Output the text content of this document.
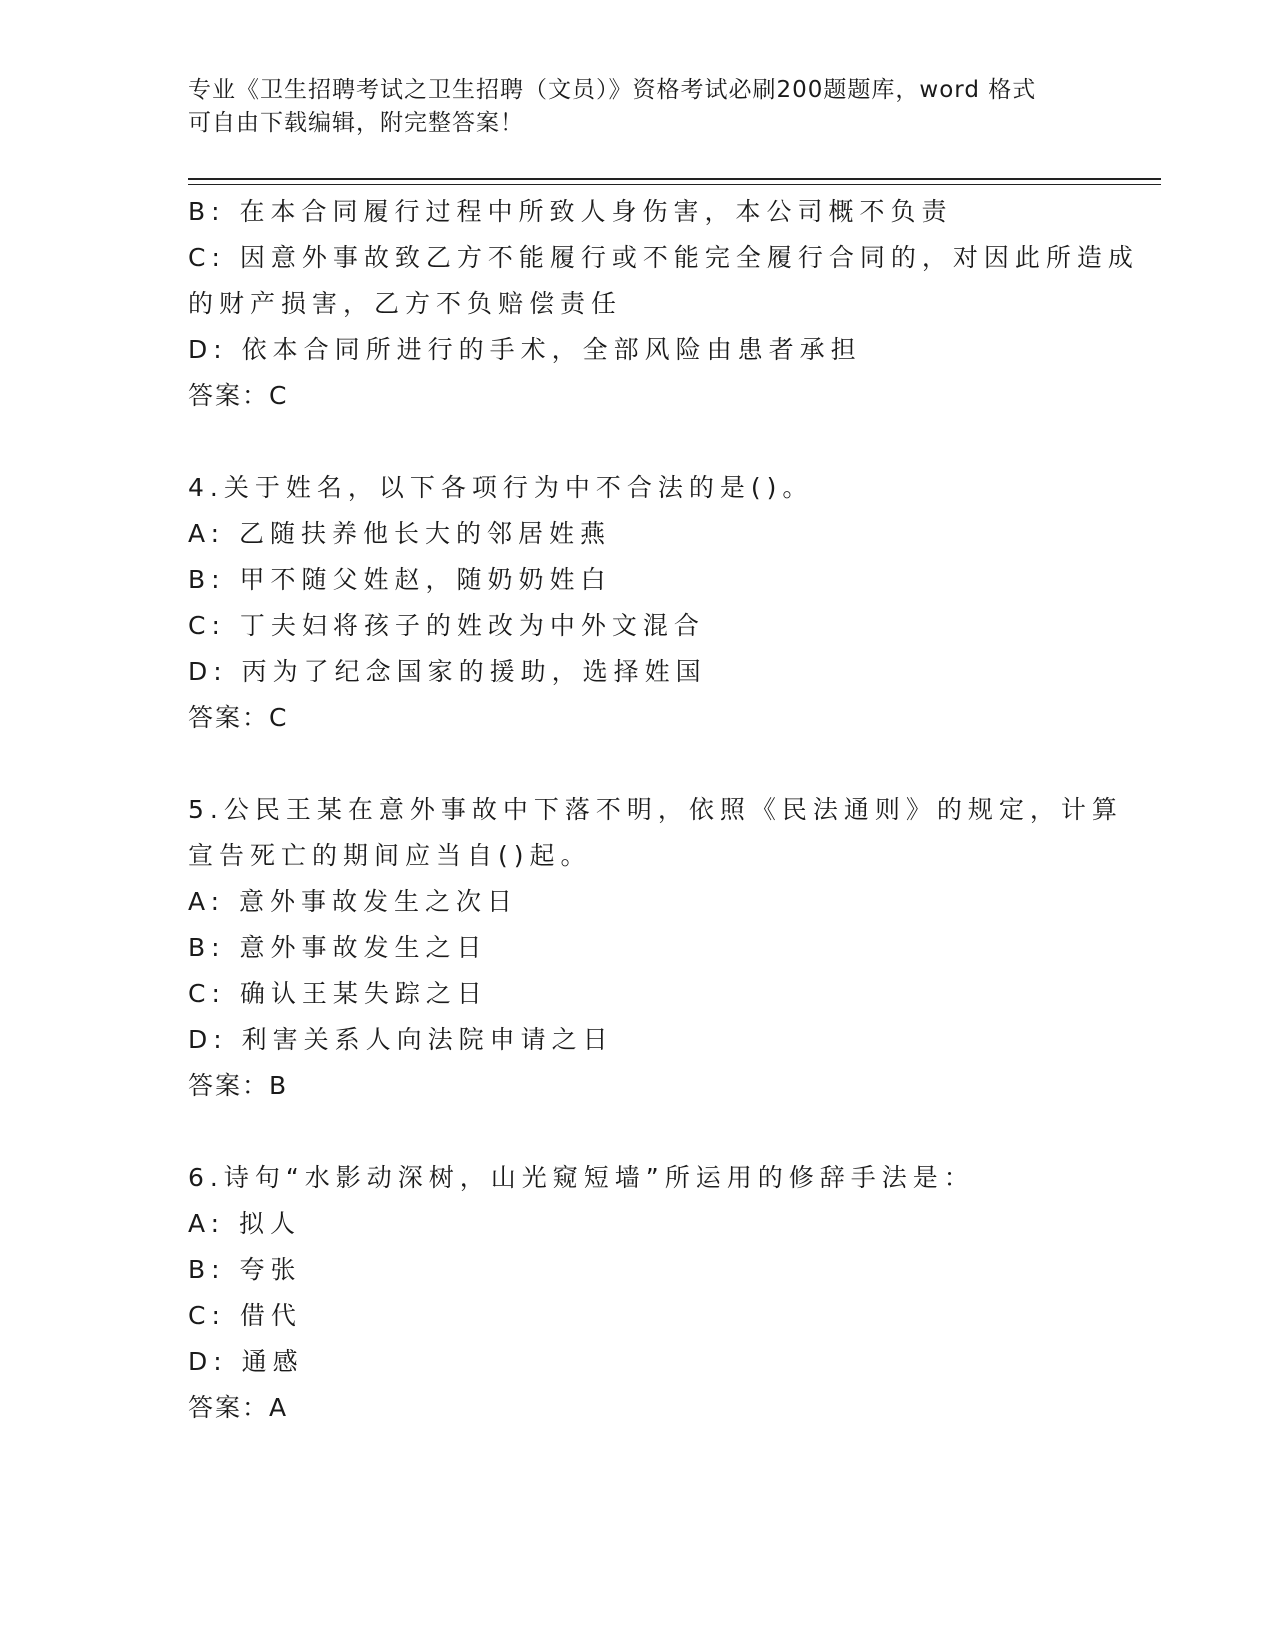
专业《卫生招聘考试之卫生招聘（文员）》资格考试必刷200题题库，word 格式
可自由下载编辑，附完整答案！
B: 在本合同履行过程中所致人身伤害，本公司概不负责
C: 因意外事故致乙方不能履行或不能完全履行合同的，对因此所造成
的财产损害，乙方不负赔偿责任
D: 依本合同所进行的手术，全部风险由患者承担
答案：C
4.关于姓名，以下各项行为中不合法的是()。
A: 乙随扶养他长大的邻居姓燕
B: 甲不随父姓赵，随奶奶姓白
C: 丁夫妇将孩子的姓改为中外文混合
D: 丙为了纪念国家的援助，选择姓国
答案：C
5.公民王某在意外事故中下落不明，依照《民法通则》的规定，计算
宣告死亡的期间应当自()起。
A: 意外事故发生之次日
B: 意外事故发生之日
C: 确认王某失踪之日
D: 利害关系人向法院申请之日
答案：B
6.诗句“水影动深树，山光窥短墙”所运用的修辞手法是：
A: 拟人
B: 夸张
C: 借代
D: 通感
答案：A
